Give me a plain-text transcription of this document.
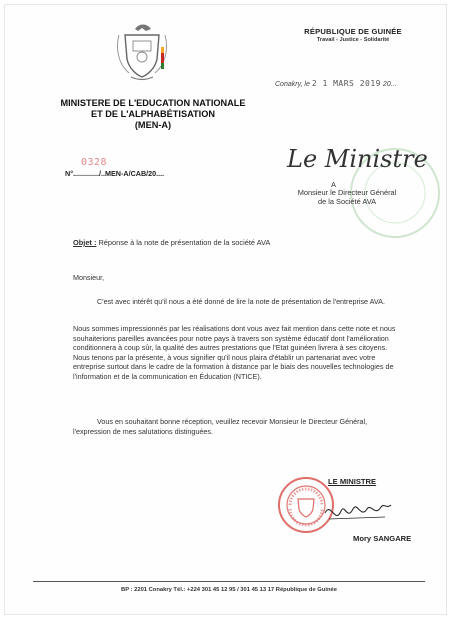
RÉPUBLIQUE DE GUINÉE
Travail - Justice - Solidarité
Conakry, le 2 1 MARS 2019 20...
MINISTERE DE L'EDUCATION NATIONALE
ET DE L'ALPHABÉTISATION
(MEN-A)
0328
N°............./..MEN-A/CAB/20....
Le Ministre
A
Monsieur le Directeur Général
de la Société AVA
Objet : Réponse à la note de présentation de la société AVA
Monsieur,
C'est avec intérêt qu'il nous a été donné de lire la note de présentation de l'entreprise AVA.
Nous sommes impressionnés par les réalisations dont vous avez fait mention dans cette note et nous souhaiterions pareilles avancées pour notre pays à travers son système éducatif dont l'amélioration conditionnera à coup sûr, la qualité des autres prestations que l'Etat guinéen livrera à ses citoyens.
Nous tenons par la présente, à vous signifier qu'il nous plaira d'établir un partenariat avec votre entreprise surtout dans le cadre de la formation à distance par le biais des nouvelles technologies de l'information et de la communication en Éducation (NTICE).
Vous en souhaitant bonne réception, veuillez recevoir Monsieur le Directeur Général, l'expression de mes salutations distinguées.
LE MINISTRE
Mory SANGARE
BP : 2201 Conakry Tél.: +224 301 45 12 95 / 301 45 13 17 République de Guinée
